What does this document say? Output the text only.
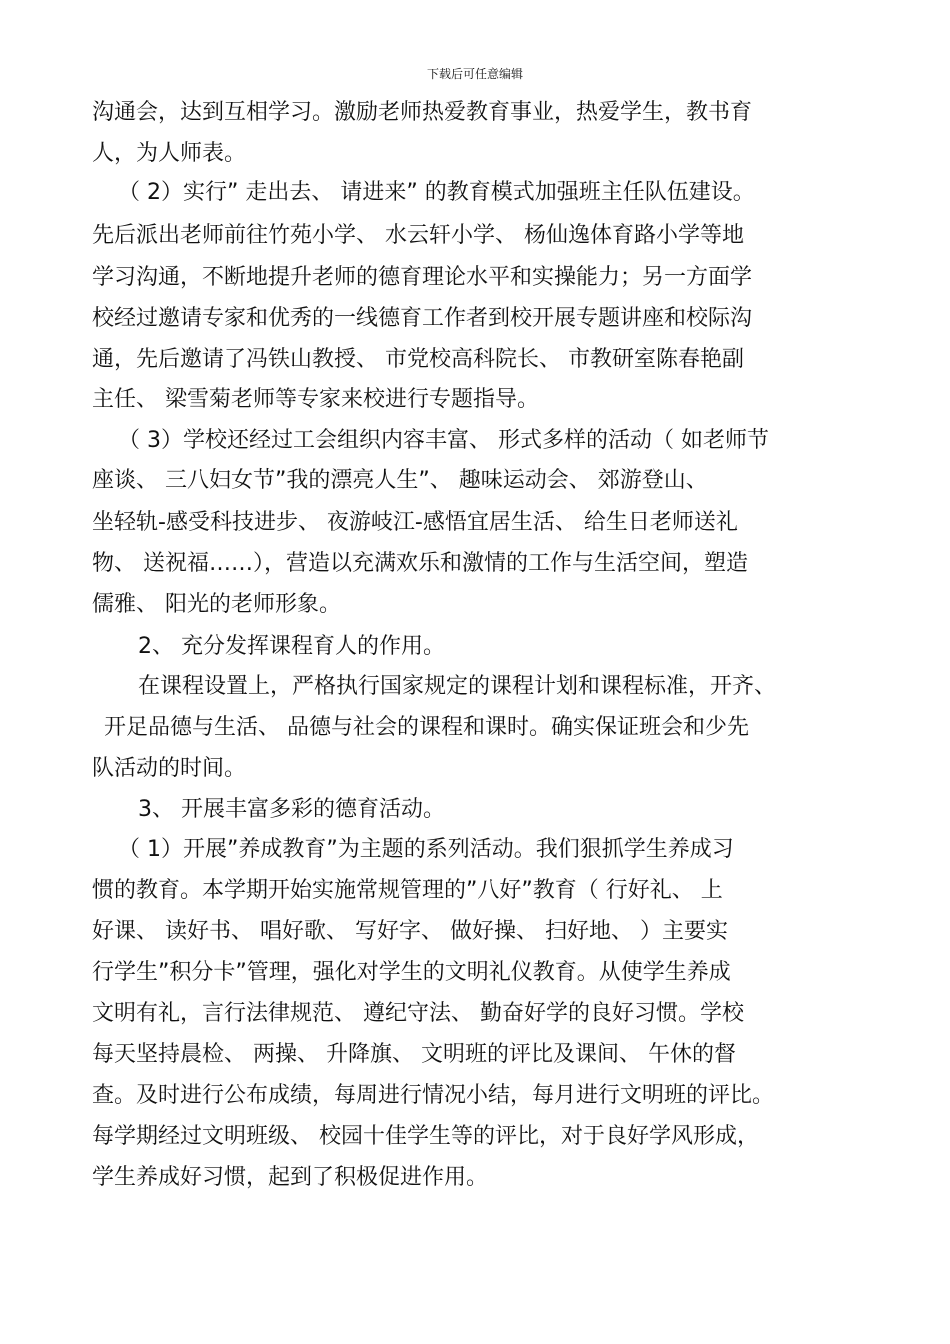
下载后可任意编辑
沟通会，达到互相学习。激励老师热爱教育事业，热爱学生，教书育
人，为人师表。
（ 2）实行” 走出去、 请进来” 的教育模式加强班主任队伍建设。
先后派出老师前往竹苑小学、 水云轩小学、 杨仙逸体育路小学等地
学习沟通，不断地提升老师的德育理论水平和实操能力；另一方面学
校经过邀请专家和优秀的一线德育工作者到校开展专题讲座和校际沟
通，先后邀请了冯铁山教授、 市党校高科院长、 市教研室陈春艳副
主任、 梁雪菊老师等专家来校进行专题指导。
（ 3）学校还经过工会组织内容丰富、 形式多样的活动（ 如老师节
座谈、 三八妇女节”我的漂亮人生”、 趣味运动会、 郊游登山、
坐轻轨-感受科技进步、 夜游岐江-感悟宜居生活、 给生日老师送礼
物、 送祝福……），营造以充满欢乐和激情的工作与生活空间，塑造
儒雅、 阳光的老师形象。
2、 充分发挥课程育人的作用。
在课程设置上，严格执行国家规定的课程计划和课程标准，开齐、
开足品德与生活、 品德与社会的课程和课时。确实保证班会和少先
队活动的时间。
3、 开展丰富多彩的德育活动。
（ 1）开展”养成教育”为主题的系列活动。我们狠抓学生养成习
惯的教育。本学期开始实施常规管理的”八好”教育（ 行好礼、 上
好课、 读好书、 唱好歌、 写好字、 做好操、 扫好地、 ）主要实
行学生”积分卡”管理，强化对学生的文明礼仪教育。从使学生养成
文明有礼，言行法律规范、 遵纪守法、 勤奋好学的良好习惯。学校
每天坚持晨检、 两操、 升降旗、 文明班的评比及课间、 午休的督
查。及时进行公布成绩，每周进行情况小结，每月进行文明班的评比。
每学期经过文明班级、 校园十佳学生等的评比，对于良好学风形成，
学生养成好习惯，起到了积极促进作用。
